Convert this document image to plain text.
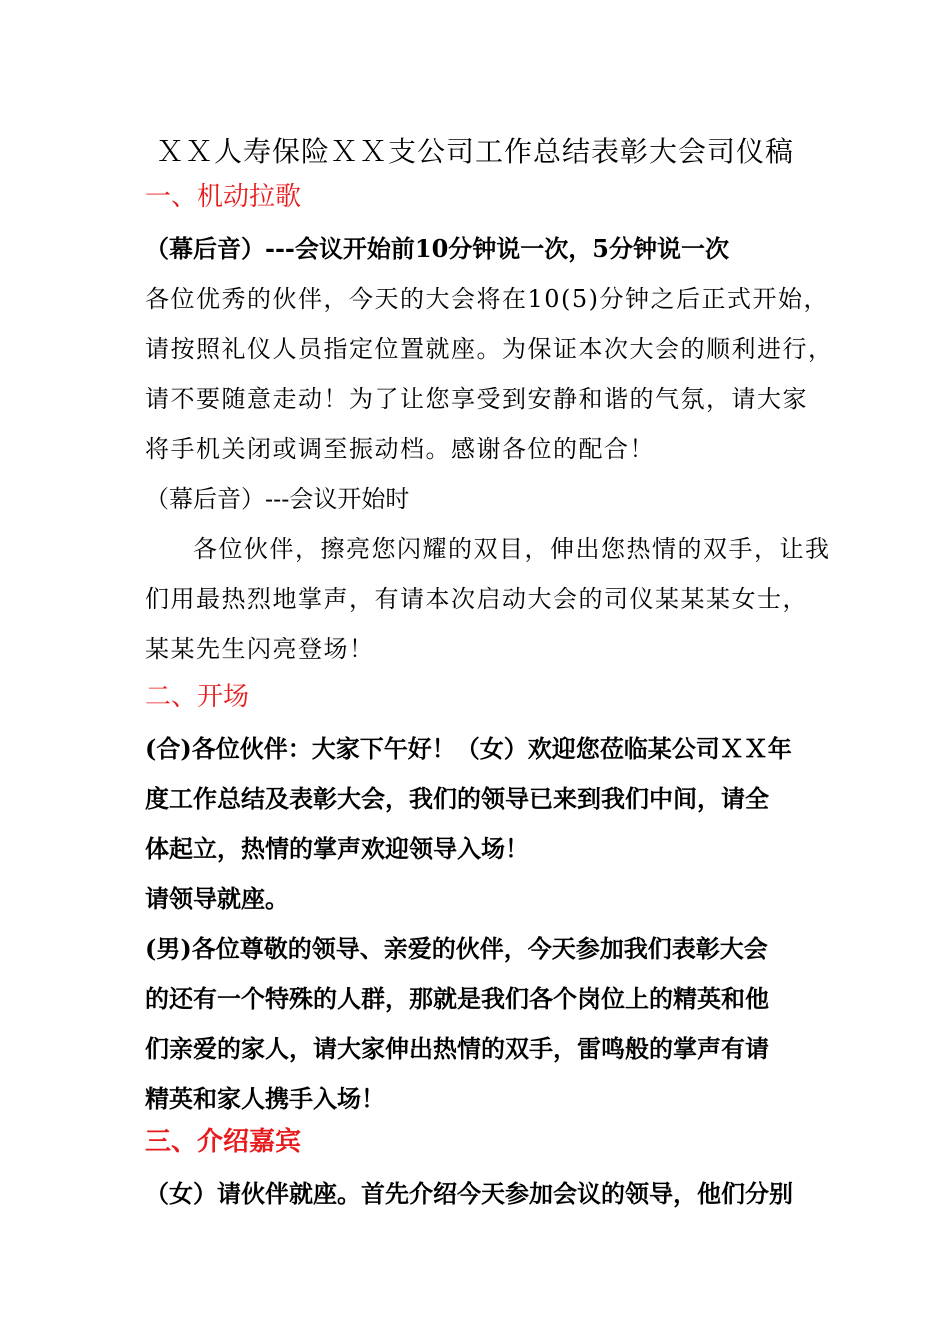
ＸＸ人寿保险ＸＸ支公司工作总结表彰大会司仪稿
一、机动拉歌
（幕后音）---会议开始前10分钟说一次，5分钟说一次
各位优秀的伙伴，今天的大会将在10(5)分钟之后正式开始，
请按照礼仪人员指定位置就座。为保证本次大会的顺利进行，
请不要随意走动！为了让您享受到安静和谐的气氛，请大家
将手机关闭或调至振动档。感谢各位的配合！
（幕后音）---会议开始时
各位伙伴，擦亮您闪耀的双目，伸出您热情的双手，让我
们用最热烈地掌声，有请本次启动大会的司仪某某某女士，
某某先生闪亮登场！
二、开场
(合)各位伙伴：大家下午好！（女）欢迎您莅临某公司ＸＸ年
度工作总结及表彰大会，我们的领导已来到我们中间，请全
体起立，热情的掌声欢迎领导入场！
请领导就座。
(男)各位尊敬的领导、亲爱的伙伴，今天参加我们表彰大会
的还有一个特殊的人群，那就是我们各个岗位上的精英和他
们亲爱的家人，请大家伸出热情的双手，雷鸣般的掌声有请
精英和家人携手入场！
三、介绍嘉宾
（女）请伙伴就座。首先介绍今天参加会议的领导，他们分别
